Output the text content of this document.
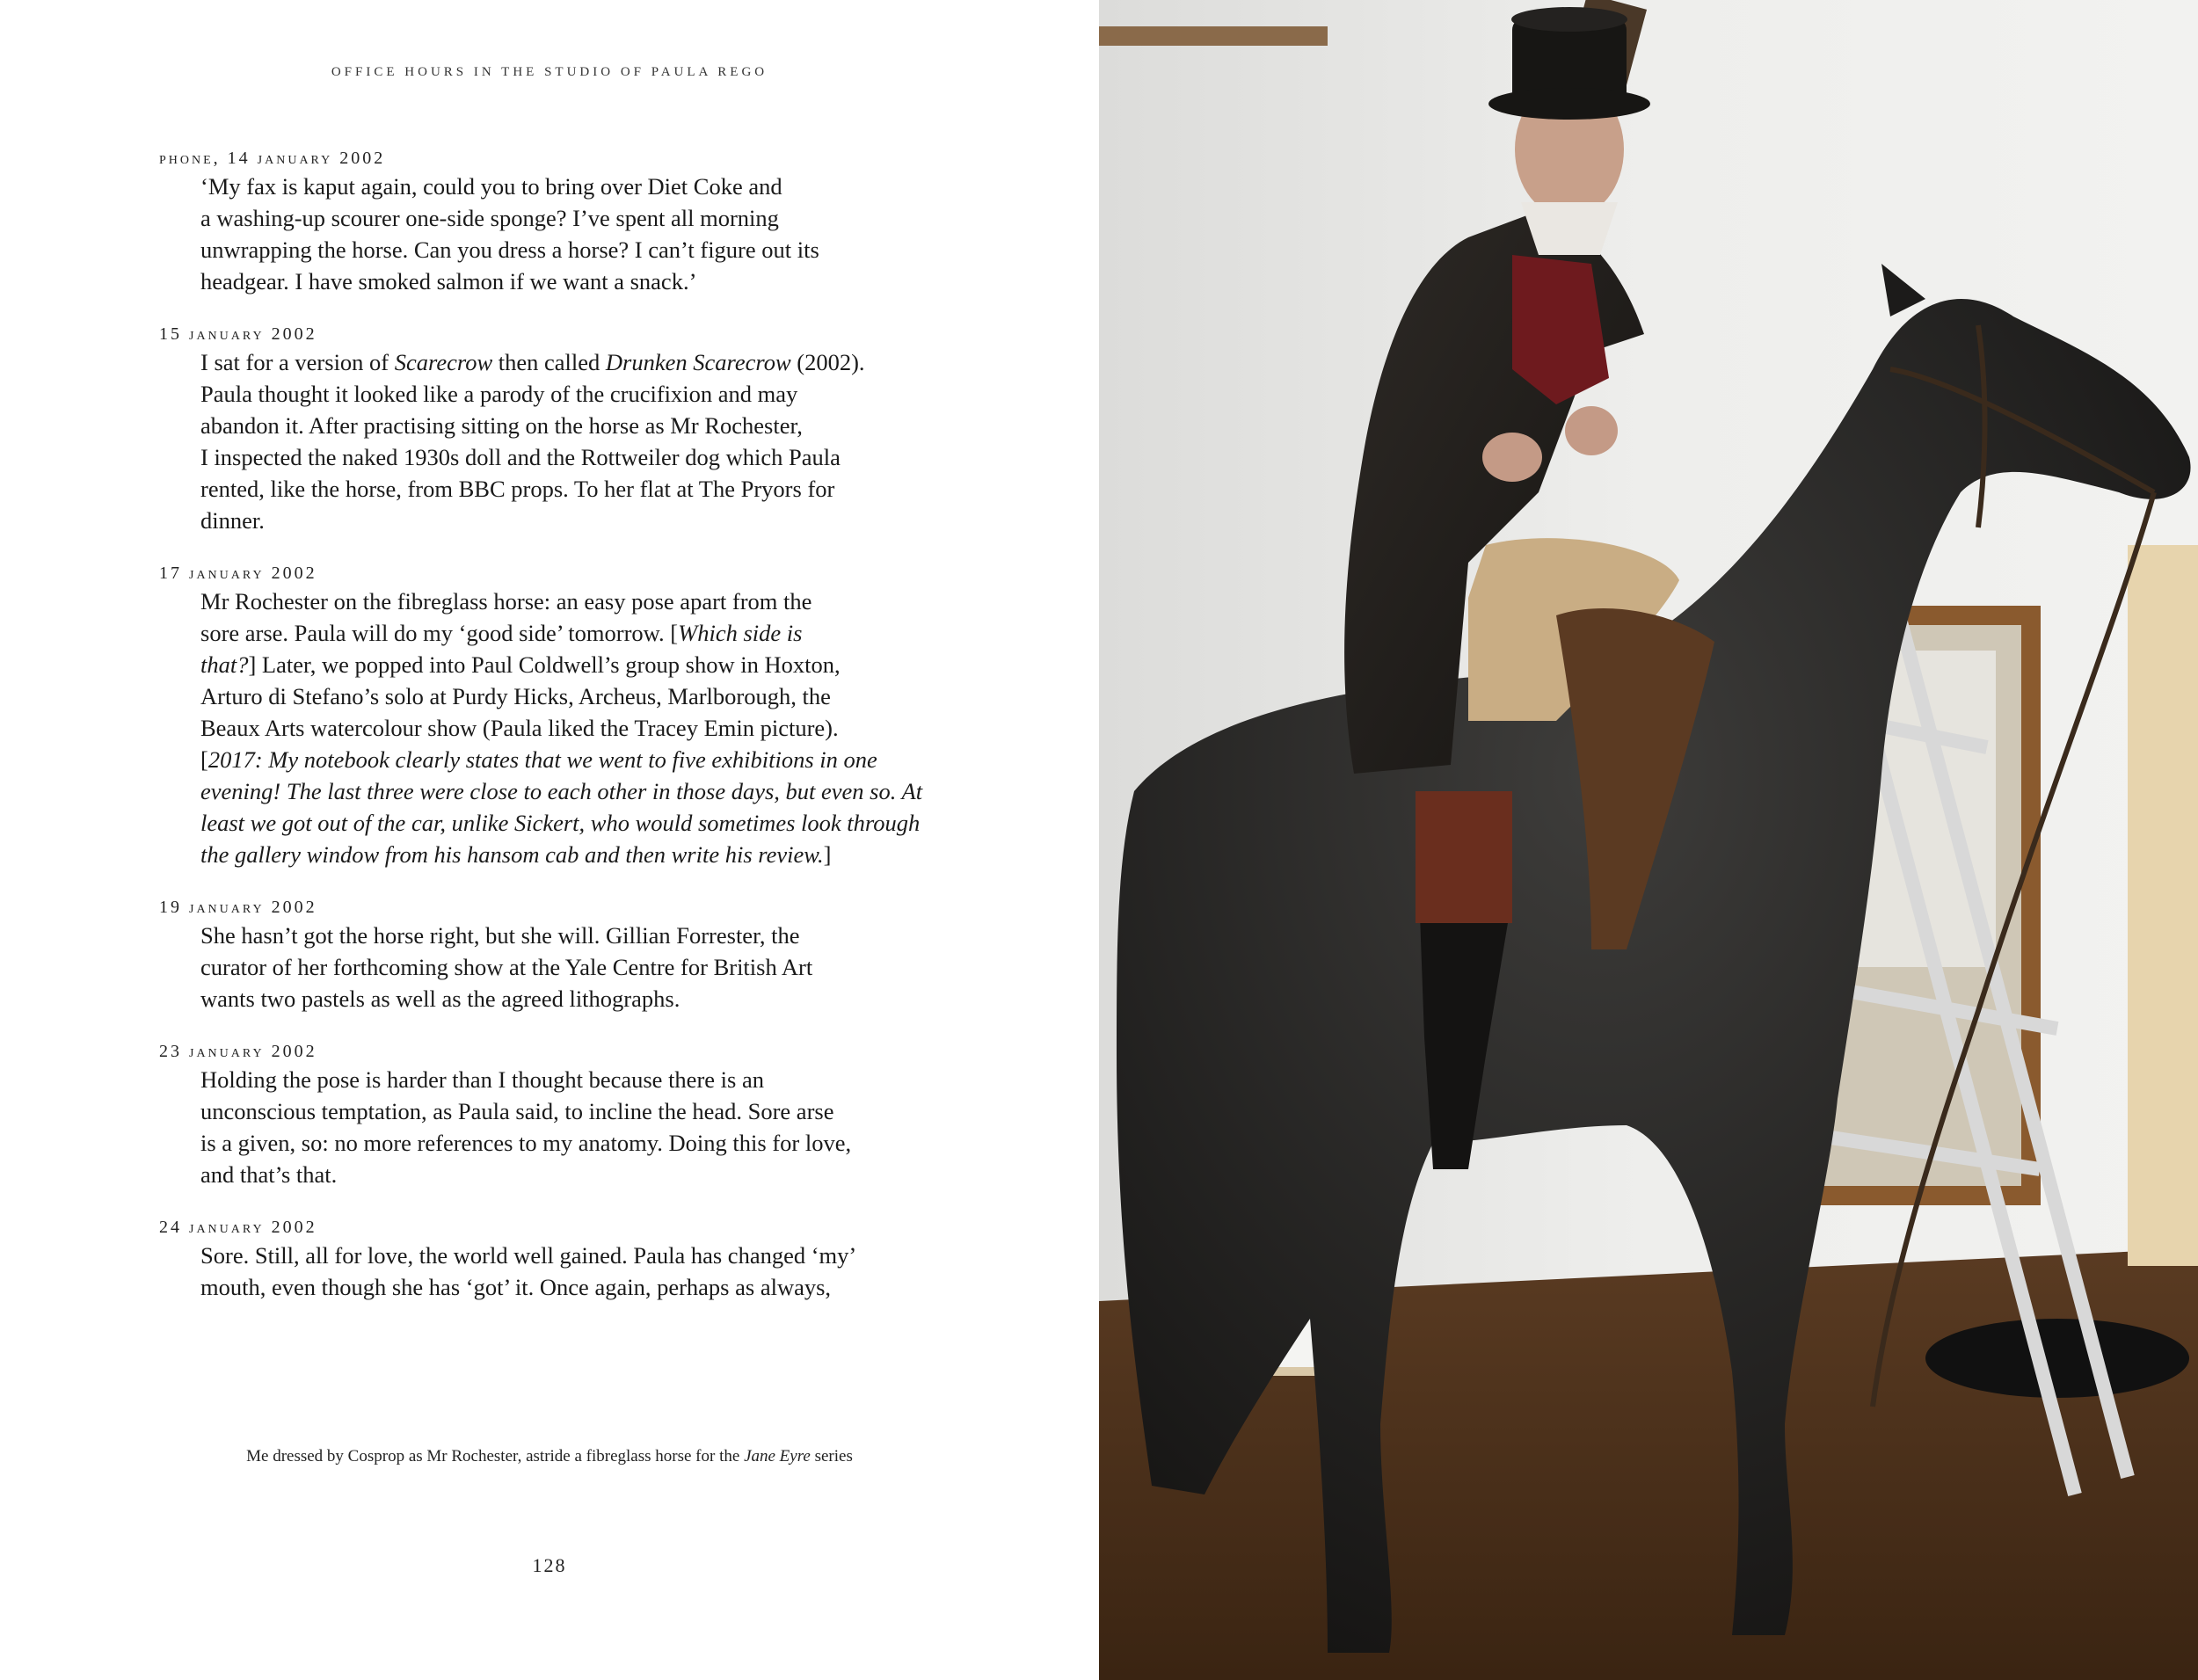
OFFICE HOURS IN THE STUDIO OF PAULA REGO
phone, 14 january 2002
‘My fax is kaput again, could you to bring over Diet Coke and
a washing-up scourer one-side sponge? I’ve spent all morning
unwrapping the horse. Can you dress a horse? I can’t figure out its
headgear. I have smoked salmon if we want a snack.’
15 january 2002
I sat for a version of Scarecrow then called Drunken Scarecrow (2002).
Paula thought it looked like a parody of the crucifixion and may
abandon it. After practising sitting on the horse as Mr Rochester,
I inspected the naked 1930s doll and the Rottweiler dog which Paula
rented, like the horse, from BBC props. To her flat at The Pryors for
dinner.
17 january 2002
Mr Rochester on the fibreglass horse: an easy pose apart from the
sore arse. Paula will do my ‘good side’ tomorrow. [Which side is
that?] Later, we popped into Paul Coldwell’s group show in Hoxton,
Arturo di Stefano’s solo at Purdy Hicks, Archeus, Marlborough, the
Beaux Arts watercolour show (Paula liked the Tracey Emin picture).
[2017: My notebook clearly states that we went to five exhibitions in one
evening! The last three were close to each other in those days, but even so. At
least we got out of the car, unlike Sickert, who would sometimes look through
the gallery window from his hansom cab and then write his review.]
19 january 2002
She hasn’t got the horse right, but she will. Gillian Forrester, the
curator of her forthcoming show at the Yale Centre for British Art
wants two pastels as well as the agreed lithographs.
23 january 2002
Holding the pose is harder than I thought because there is an
unconscious temptation, as Paula said, to incline the head. Sore arse
is a given, so: no more references to my anatomy. Doing this for love,
and that’s that.
24 january 2002
Sore. Still, all for love, the world well gained. Paula has changed ‘my’
mouth, even though she has ‘got’ it. Once again, perhaps as always,
Me dressed by Cosprop as Mr Rochester, astride a fibreglass horse for the Jane Eyre series
128
